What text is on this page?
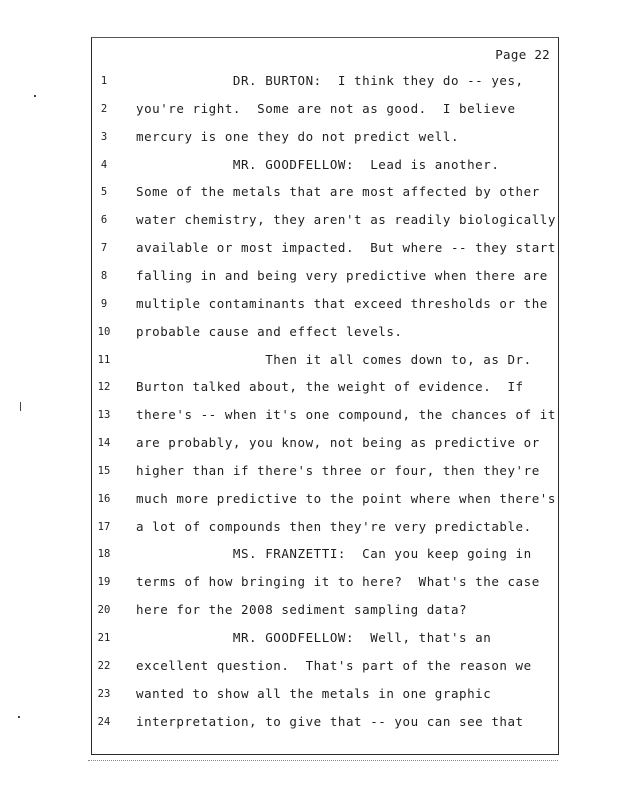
Page 22
1	DR. BURTON:  I think they do -- yes,
2	you're right.  Some are not as good.  I believe
3	mercury is one they do not predict well.
4	MR. GOODFELLOW:  Lead is another.
5	Some of the metals that are most affected by other
6	water chemistry, they aren't as readily biologically
7	available or most impacted.  But where -- they start
8	falling in and being very predictive when there are
9	multiple contaminants that exceed thresholds or the
10	probable cause and effect levels.
11	Then it all comes down to, as Dr.
12	Burton talked about, the weight of evidence.  If
13	there's -- when it's one compound, the chances of it
14	are probably, you know, not being as predictive or
15	higher than if there's three or four, then they're
16	much more predictive to the point where when there's
17	a lot of compounds then they're very predictable.
18	MS. FRANZETTI:  Can you keep going in
19	terms of how bringing it to here?  What's the case
20	here for the 2008 sediment sampling data?
21	MR. GOODFELLOW:  Well, that's an
22	excellent question.  That's part of the reason we
23	wanted to show all the metals in one graphic
24	interpretation, to give that -- you can see that
